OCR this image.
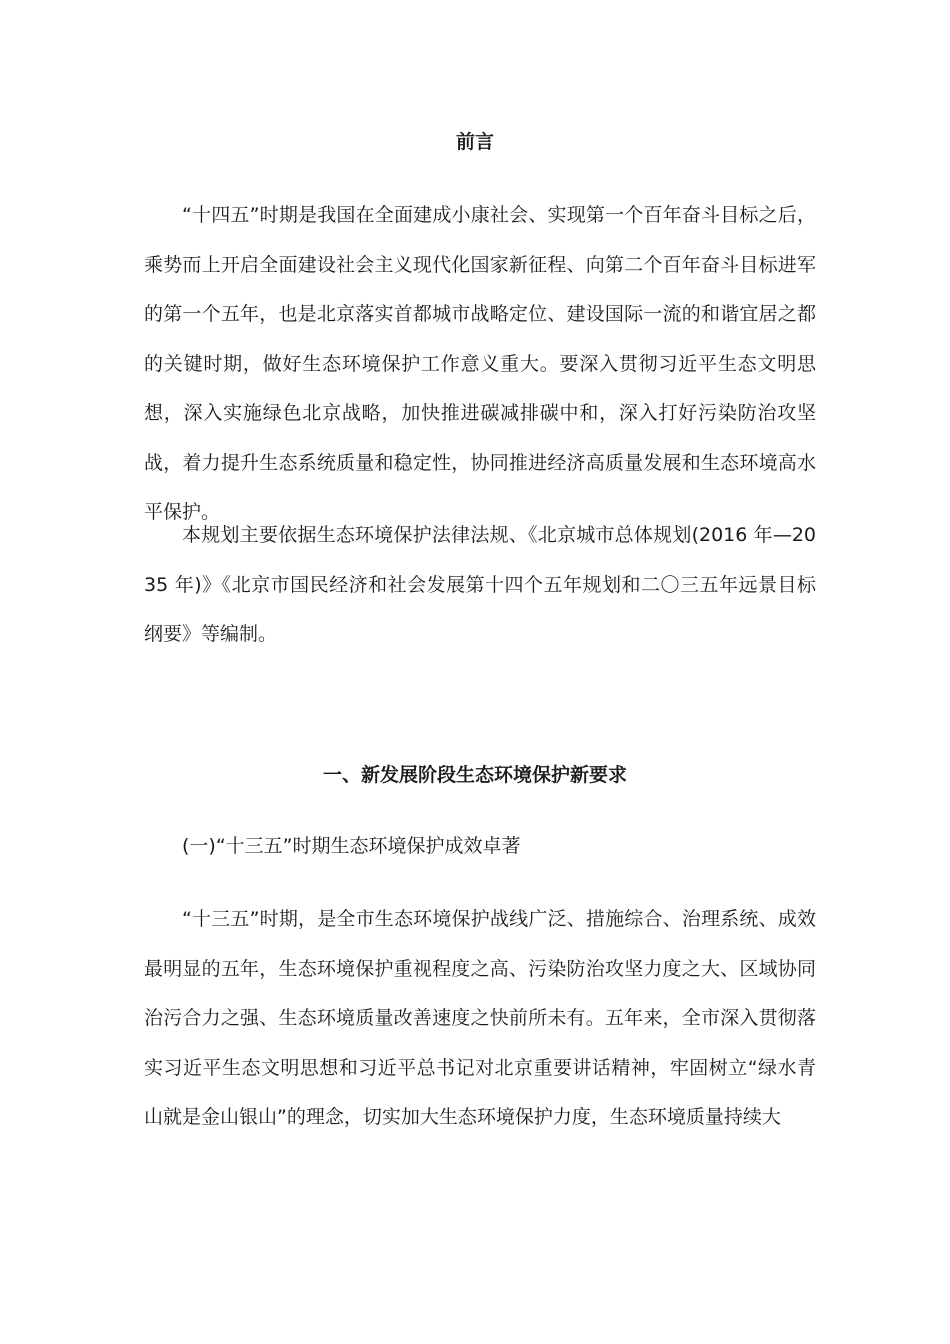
前言

“十四五”时期是我国在全面建成小康社会、实现第一个百年奋斗目标之后，乘势而上开启全面建设社会主义现代化国家新征程、向第二个百年奋斗目标进军的第一个五年，也是北京落实首都城市战略定位、建设国际一流的和谐宜居之都的关键时期，做好生态环境保护工作意义重大。要深入贯彻习近平生态文明思想，深入实施绿色北京战略，加快推进碳减排碳中和，深入打好污染防治攻坚战，着力提升生态系统质量和稳定性，协同推进经济高质量发展和生态环境高水平保护。

本规划主要依据生态环境保护法律法规、《北京城市总体规划(2016 年—2035 年)》《北京市国民经济和社会发展第十四个五年规划和二〇三五年远景目标纲要》等编制。

一、新发展阶段生态环境保护新要求

(一)“十三五”时期生态环境保护成效卓著

“十三五”时期，是全市生态环境保护战线广泛、措施综合、治理系统、成效最明显的五年，生态环境保护重视程度之高、污染防治攻坚力度之大、区域协同治污合力之强、生态环境质量改善速度之快前所未有。五年来，全市深入贯彻落实习近平生态文明思想和习近平总书记对北京重要讲话精神，牢固树立“绿水青山就是金山银山”的理念，切实加大生态环境保护力度，生态环境质量持续大
